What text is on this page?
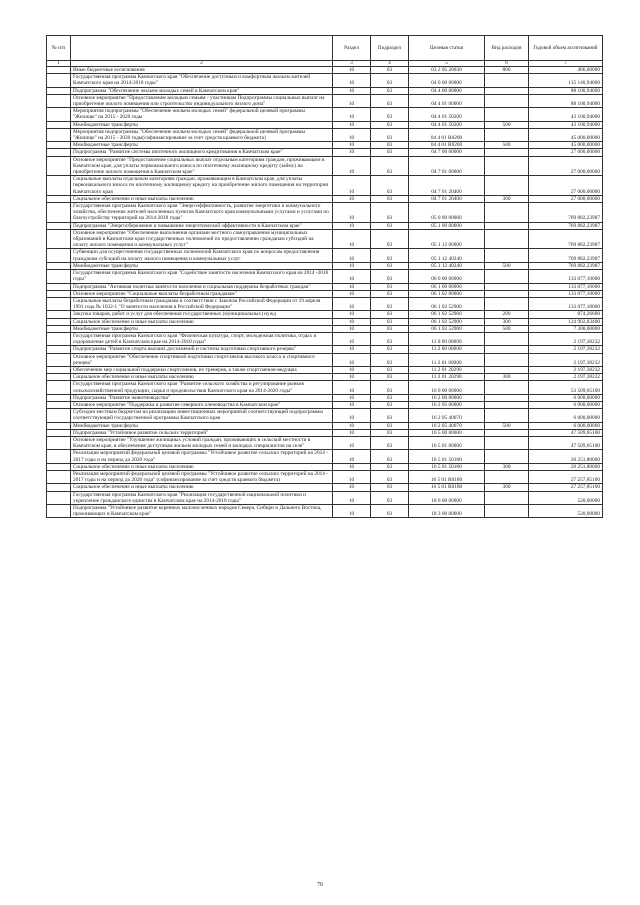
№ п/п		Раздел	Подраздел	Целевая статья	Вид расходов	Годовой объем ассигнований
1	2	3	4	5	6	7
	Иные бюджетные ассигнования	10	03	03 2 05 20030	800	466,00000
	Государственная программа Камчатского края "Обеспечение доступным и комфортным жильем жителей Камчатского края на 2014-2018 годы"	10	03	04 0 00 00000		115 140,94000
	Подпрограмма "Обеспечение жильем молодых семей в Камчатском крае"	10	03	04 4 00 00000		88 100,94000
	Основное мероприятие "Предоставление молодым семьям - участникам Подпрограммы социальных выплат на приобретение жилого помещения или строительство индивидуального жилого дома"	10	03	04 4 01 00000		88 100,94000
	Мероприятия подпрограммы "Обеспечение жильем молодых семей" федеральной целевой программы "Жилище" на 2015 - 2020 годы	10	03	04 4 01 50200		43 100,94000
	Межбюджетные трансферты	10	03	04 4 01 50200	500	43 100,94000
	Мероприятия подпрограммы "Обеспечение жильем молодых семей" федеральной целевой программы "Жилище" на 2015 - 2020 годы(софинансирование за счет средств краевого бюджета)	10	03	04 4 01 R0200		45 000,00000
	Межбюджетные трансферты	10	03	04 4 01 R0200	500	45 000,00000
	Подпрограмма "Развитие системы ипотечного жилищного кредитования в Камчатском крае"	10	03	04 7 00 00000		27 000,00000
	Основное мероприятие "Предоставление социальных выплат отдельным категориям граждан, проживающим в Камчатском крае, для уплаты первоначального взноса по ипотечному жилищному кредиту (займу) на приобретение жилого помещения в Камчатском крае"	10	03	04 7 01 00000		27 000,00000
	Социальные выплаты отдельным категориям граждан, проживающим в Камчатском крае, для уплаты первоначального взноса по ипотечному жилищному кредиту на приобретение жилого помещения на территории Камчатского края	10	03	04 7 01 20400		27 000,00000
	Социальное обеспечение и иные выплаты населению	10	03	04 7 01 20400	300	27 000,00000
	Государственная программа Камчатского края "Энергоэффективность, развитие энергетики и коммунального хозяйства, обеспечение жителей населенных пунктов Камчатского края коммунальными услугами и услугами по благоустройству территорий на 2014-2018 годы"	10	03	05 0 00 00000		769 882,23987
	Подпрограмма "Энергосбережение и повышение энергетической эффективности в Камчатском крае"	10	03	05 1 00 00000		769 882,23987
	Основное мероприятие "Обеспечение выполнения органами местного самоуправления муниципальных образований в Камчатском крае государственных полномочий по предоставлению гражданам субсидий на оплату жилого помещения и коммунальных услуг"	10	03	05 1 12 00000		769 882,23987
	Субвенции для осуществления государственных полномочий Камчатского края по вопросам предоставления гражданам субсидий на оплату жилого помещения и коммунальных услуг	10	03	05 1 12 40240		769 882,23987
	Межбюджетные трансферты	10	03	05 1 12 40240	500	769 882,23987
	Государственная программа Камчатского края "Содействие занятости населения Камчатского края на 2014 -2018 годы"	10	03	06 0 00 00000		133 077,10000
	Подпрограмма "Активная политика занятости населения и социальная поддержка безработных граждан"	10	03	06 1 00 00000		133 077,10000
	Основное мероприятие "Социальные выплаты безработным гражданам"	10	03	06 1 02 00000		133 077,10000
	Социальные выплаты безработным гражданам в соответствии с Законом Российской Федерации от 19 апреля 1991 года № 1032-1 "О занятости населения в Российской Федерации"	10	03	06 1 02 52900		133 077,10000
	Закупка товаров, работ и услуг для обеспечения государственных (муниципальных) нужд	10	03	06 1 02 52900	200	874,26600
	Социальное обеспечение и иные выплаты населению	10	03	06 1 02 52900	300	124 902,83400
	Межбюджетные трансферты	10	03	06 1 02 52900	500	7 300,00000
	Государственная программа Камчатского края "Физическая культура, спорт, молодежная политика, отдых и оздоровление детей в Камчатском крае на 2014-2018 годы"	10	03	11 0 00 00000		2 197,38232
	Подпрограмма "Развитие спорта высших достижений и системы подготовки спортивного резерва"	10	03	11 2 00 00000		2 197,38232
	Основное мероприятие "Обеспечение спортивной подготовки спортсменов высокого класса и спортивного резерва"	10	03	11 2 01 00000		2 197,38232
	Обеспечение мер социальной поддержки спортсменов, их тренеров, а также спортсменов-ведущих	10	03	11 2 01 20290		2 197,38232
	Социальное обеспечение и иные выплаты населению	10	03	11 2 01 20290	300	2 197,38232
	Государственная программа Камчатского края "Развитие сельского хозяйства и регулирование рынков сельскохозяйственной продукции, сырья и продовольствия Камчатского края на 2014-2020 годы"	10	03	16 0 00 00000		53 509,65100
	Подпрограмма "Развитие животноводства"	10	03	16 2 00 00000		6 000,00000
	Основное мероприятие "Поддержка и развитие северного оленеводства в Камчатском крае"	10	03	16 2 05 00000		6 000,00000
	Субсидии местным бюджетам на реализацию инвестиционных мероприятий соответствующей подпрограммы соответствующей государственной программы Камчатского края	10	03	16 2 05 40070		6 000,00000
	Межбюджетные трансферты	10	03	16 2 05 40070	500	6 000,00000
	Подпрограмма "Устойчивое развитие сельских территорий"	10	03	16 5 00 00000		47 509,65100
	Основное мероприятие "Улучшение жилищных условий граждан, проживающих в сельской местности в Камчатском крае, в обеспечение доступным жильем молодых семей и молодых специалистов на селе"	10	03	16 5 01 00000		47 509,65100
	Реализация мероприятий федеральной целевой программы "Устойчивое развитие сельских территорий на 2014 - 2017 годы и на период до 2020 года"	10	03	16 5 01 50180		20 251,80000
	Социальное обеспечение и иные выплаты населению	10	03	16 5 01 50180	300	20 251,80000
	Реализация мероприятий федеральной целевой программы "Устойчивое развитие сельских территорий на 2014 - 2017 годы и на период до 2020 года" (софинансирование за счет средств краевого бюджета)	10	03	16 5 01 R0180		27 257,85100
	Социальное обеспечение и иные выплаты населению	10	03	16 5 01 R0180	300	27 257,85100
	Государственная программа Камчатского края "Реализация государственной национальной политики и укрепление гражданского единства в Камчатском крае на 2014-2018 годы"	10	03	18 0 00 00000		520,00000
	Подпрограмма "Устойчивое развитие коренных малочисленных народов Севера, Сибири и Дальнего Востока, проживающих в Камчатском крае"	10	03	18 3 00 00000		520,00000
76
